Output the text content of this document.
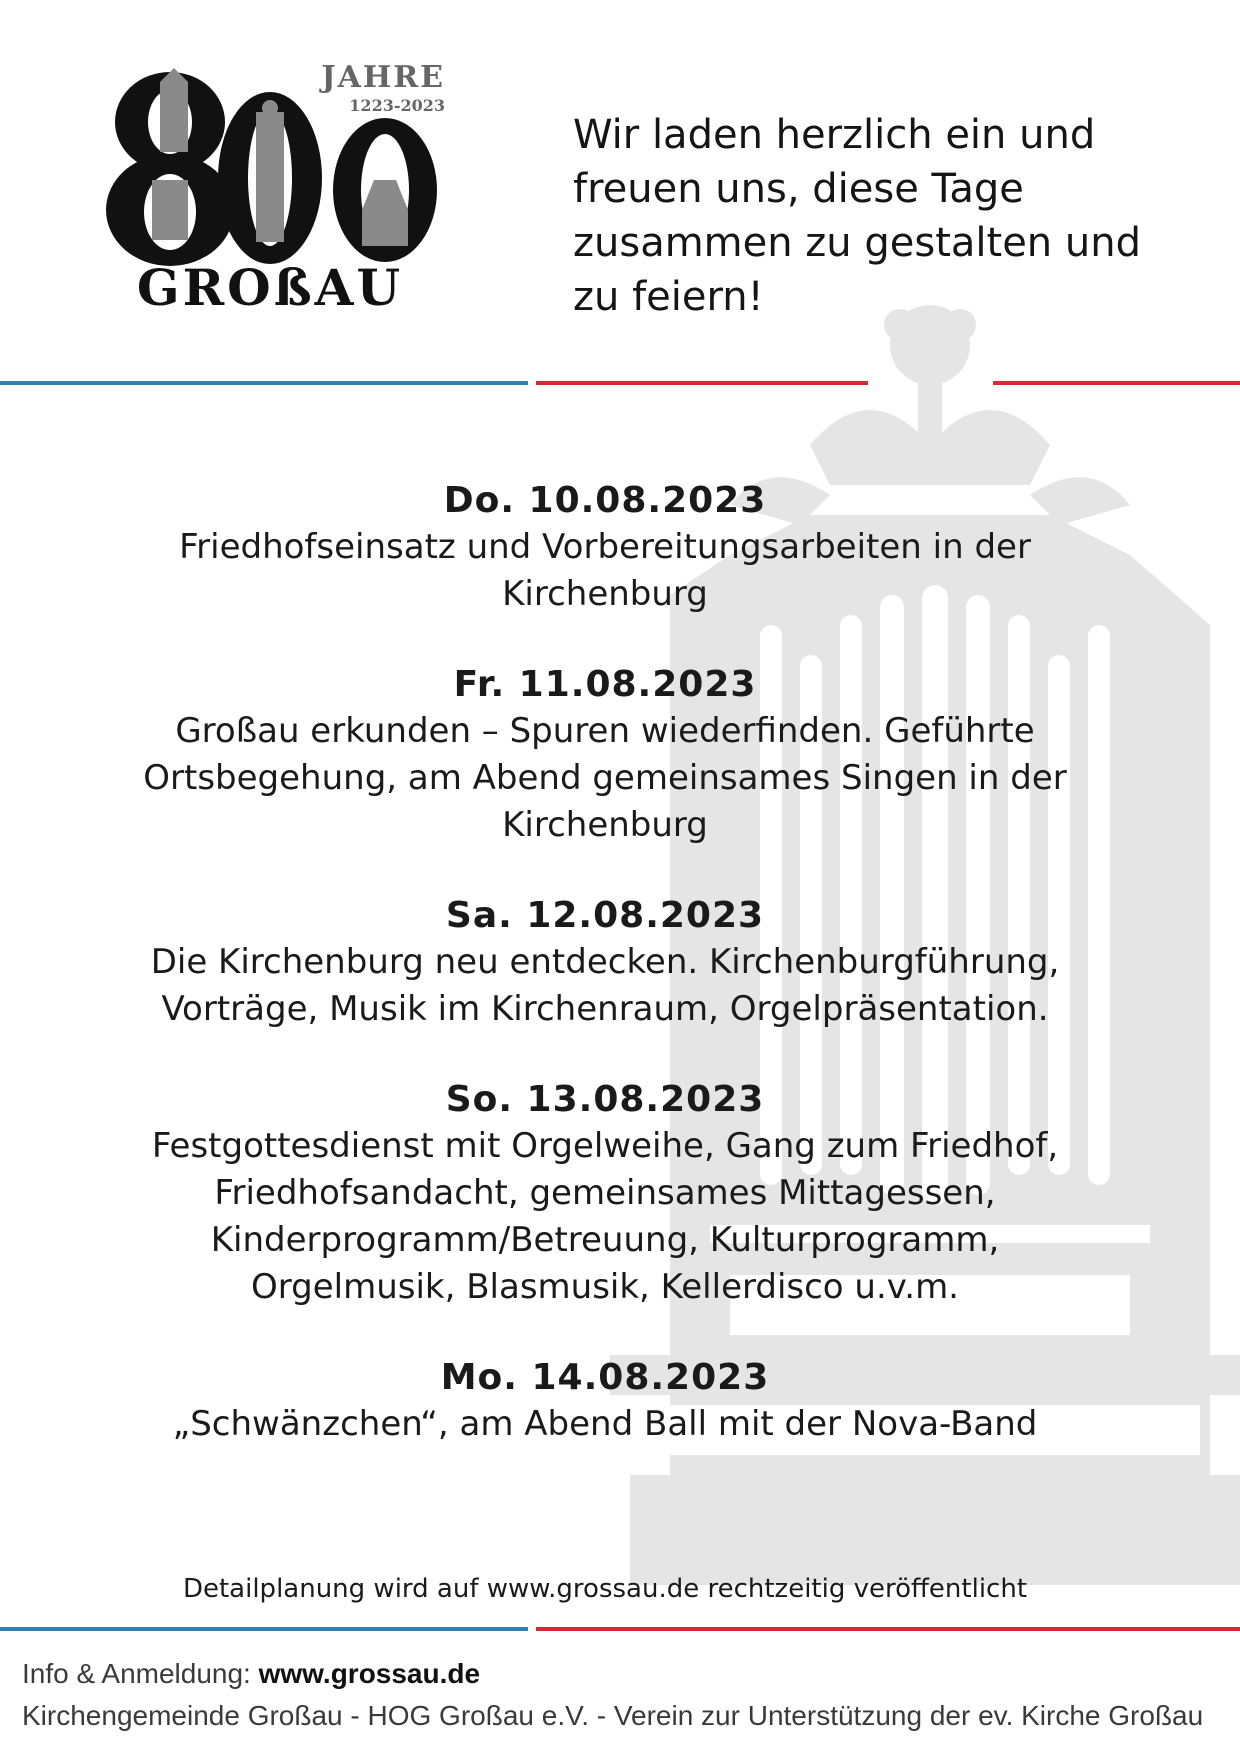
JAHRE
1223-2023
GROßAU
Wir laden herzlich ein und
freuen uns, diese Tage
zusammen zu gestalten und
zu feiern!
Do. 10.08.2023
Friedhofseinsatz und Vorbereitungsarbeiten in der
Kirchenburg
Fr. 11.08.2023
Großau erkunden – Spuren wiederfinden. Geführte
Ortsbegehung, am Abend gemeinsames Singen in der
Kirchenburg
Sa. 12.08.2023
Die Kirchenburg neu entdecken. Kirchenburgführung,
Vorträge, Musik im Kirchenraum, Orgelpräsentation.
So. 13.08.2023
Festgottesdienst mit Orgelweihe, Gang zum Friedhof,
Friedhofsandacht, gemeinsames Mittagessen,
Kinderprogramm/Betreuung, Kulturprogramm,
Orgelmusik, Blasmusik, Kellerdisco u.v.m.
Mo. 14.08.2023
„Schwänzchen“, am Abend Ball mit der Nova-Band
Detailplanung wird auf www.grossau.de rechtzeitig veröffentlicht
Info & Anmeldung: www.grossau.de
Kirchengemeinde Großau - HOG Großau e.V. - Verein zur Unterstützung der ev. Kirche Großau
